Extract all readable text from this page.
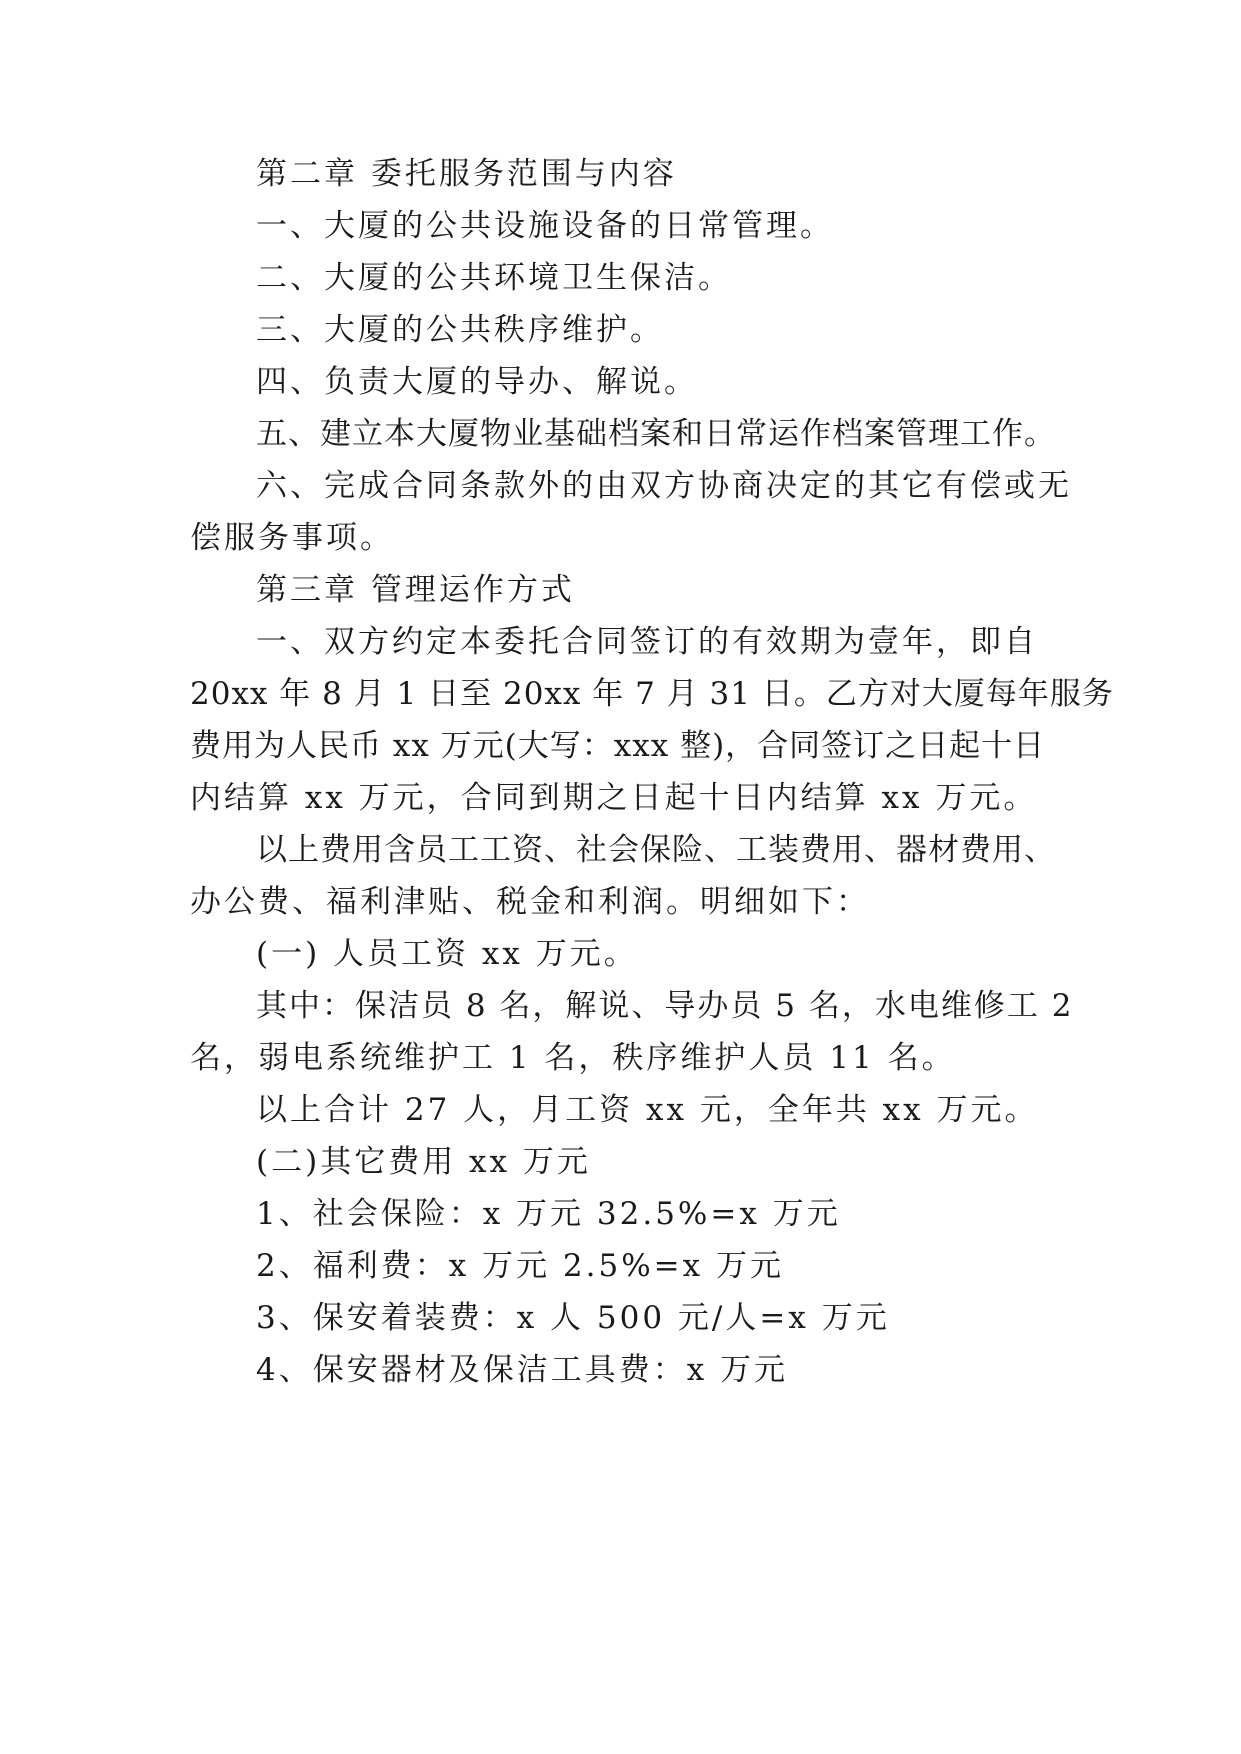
第二章 委托服务范围与内容
一、大厦的公共设施设备的日常管理。
二、大厦的公共环境卫生保洁。
三、大厦的公共秩序维护。
四、负责大厦的导办、解说。
五、建立本大厦物业基础档案和日常运作档案管理工作。
六、完成合同条款外的由双方协商决定的其它有偿或无
偿服务事项。
第三章 管理运作方式
一、双方约定本委托合同签订的有效期为壹年，即自
20xx 年 8 月 1 日至 20xx 年 7 月 31 日。乙方对大厦每年服务
费用为人民币 xx 万元(大写：xxx 整)，合同签订之日起十日
内结算 xx 万元，合同到期之日起十日内结算 xx 万元。
以上费用含员工工资、社会保险、工装费用、器材费用、
办公费、福利津贴、税金和利润。明细如下：
(一) 人员工资 xx 万元。
其中：保洁员 8 名，解说、导办员 5 名，水电维修工 2
名，弱电系统维护工 1 名，秩序维护人员 11 名。
以上合计 27 人，月工资 xx 元，全年共 xx 万元。
(二)其它费用 xx 万元
1、社会保险：x 万元 32.5%=x 万元
2、福利费：x 万元 2.5%=x 万元
3、保安着装费：x 人 500 元/人=x 万元
4、保安器材及保洁工具费：x 万元
